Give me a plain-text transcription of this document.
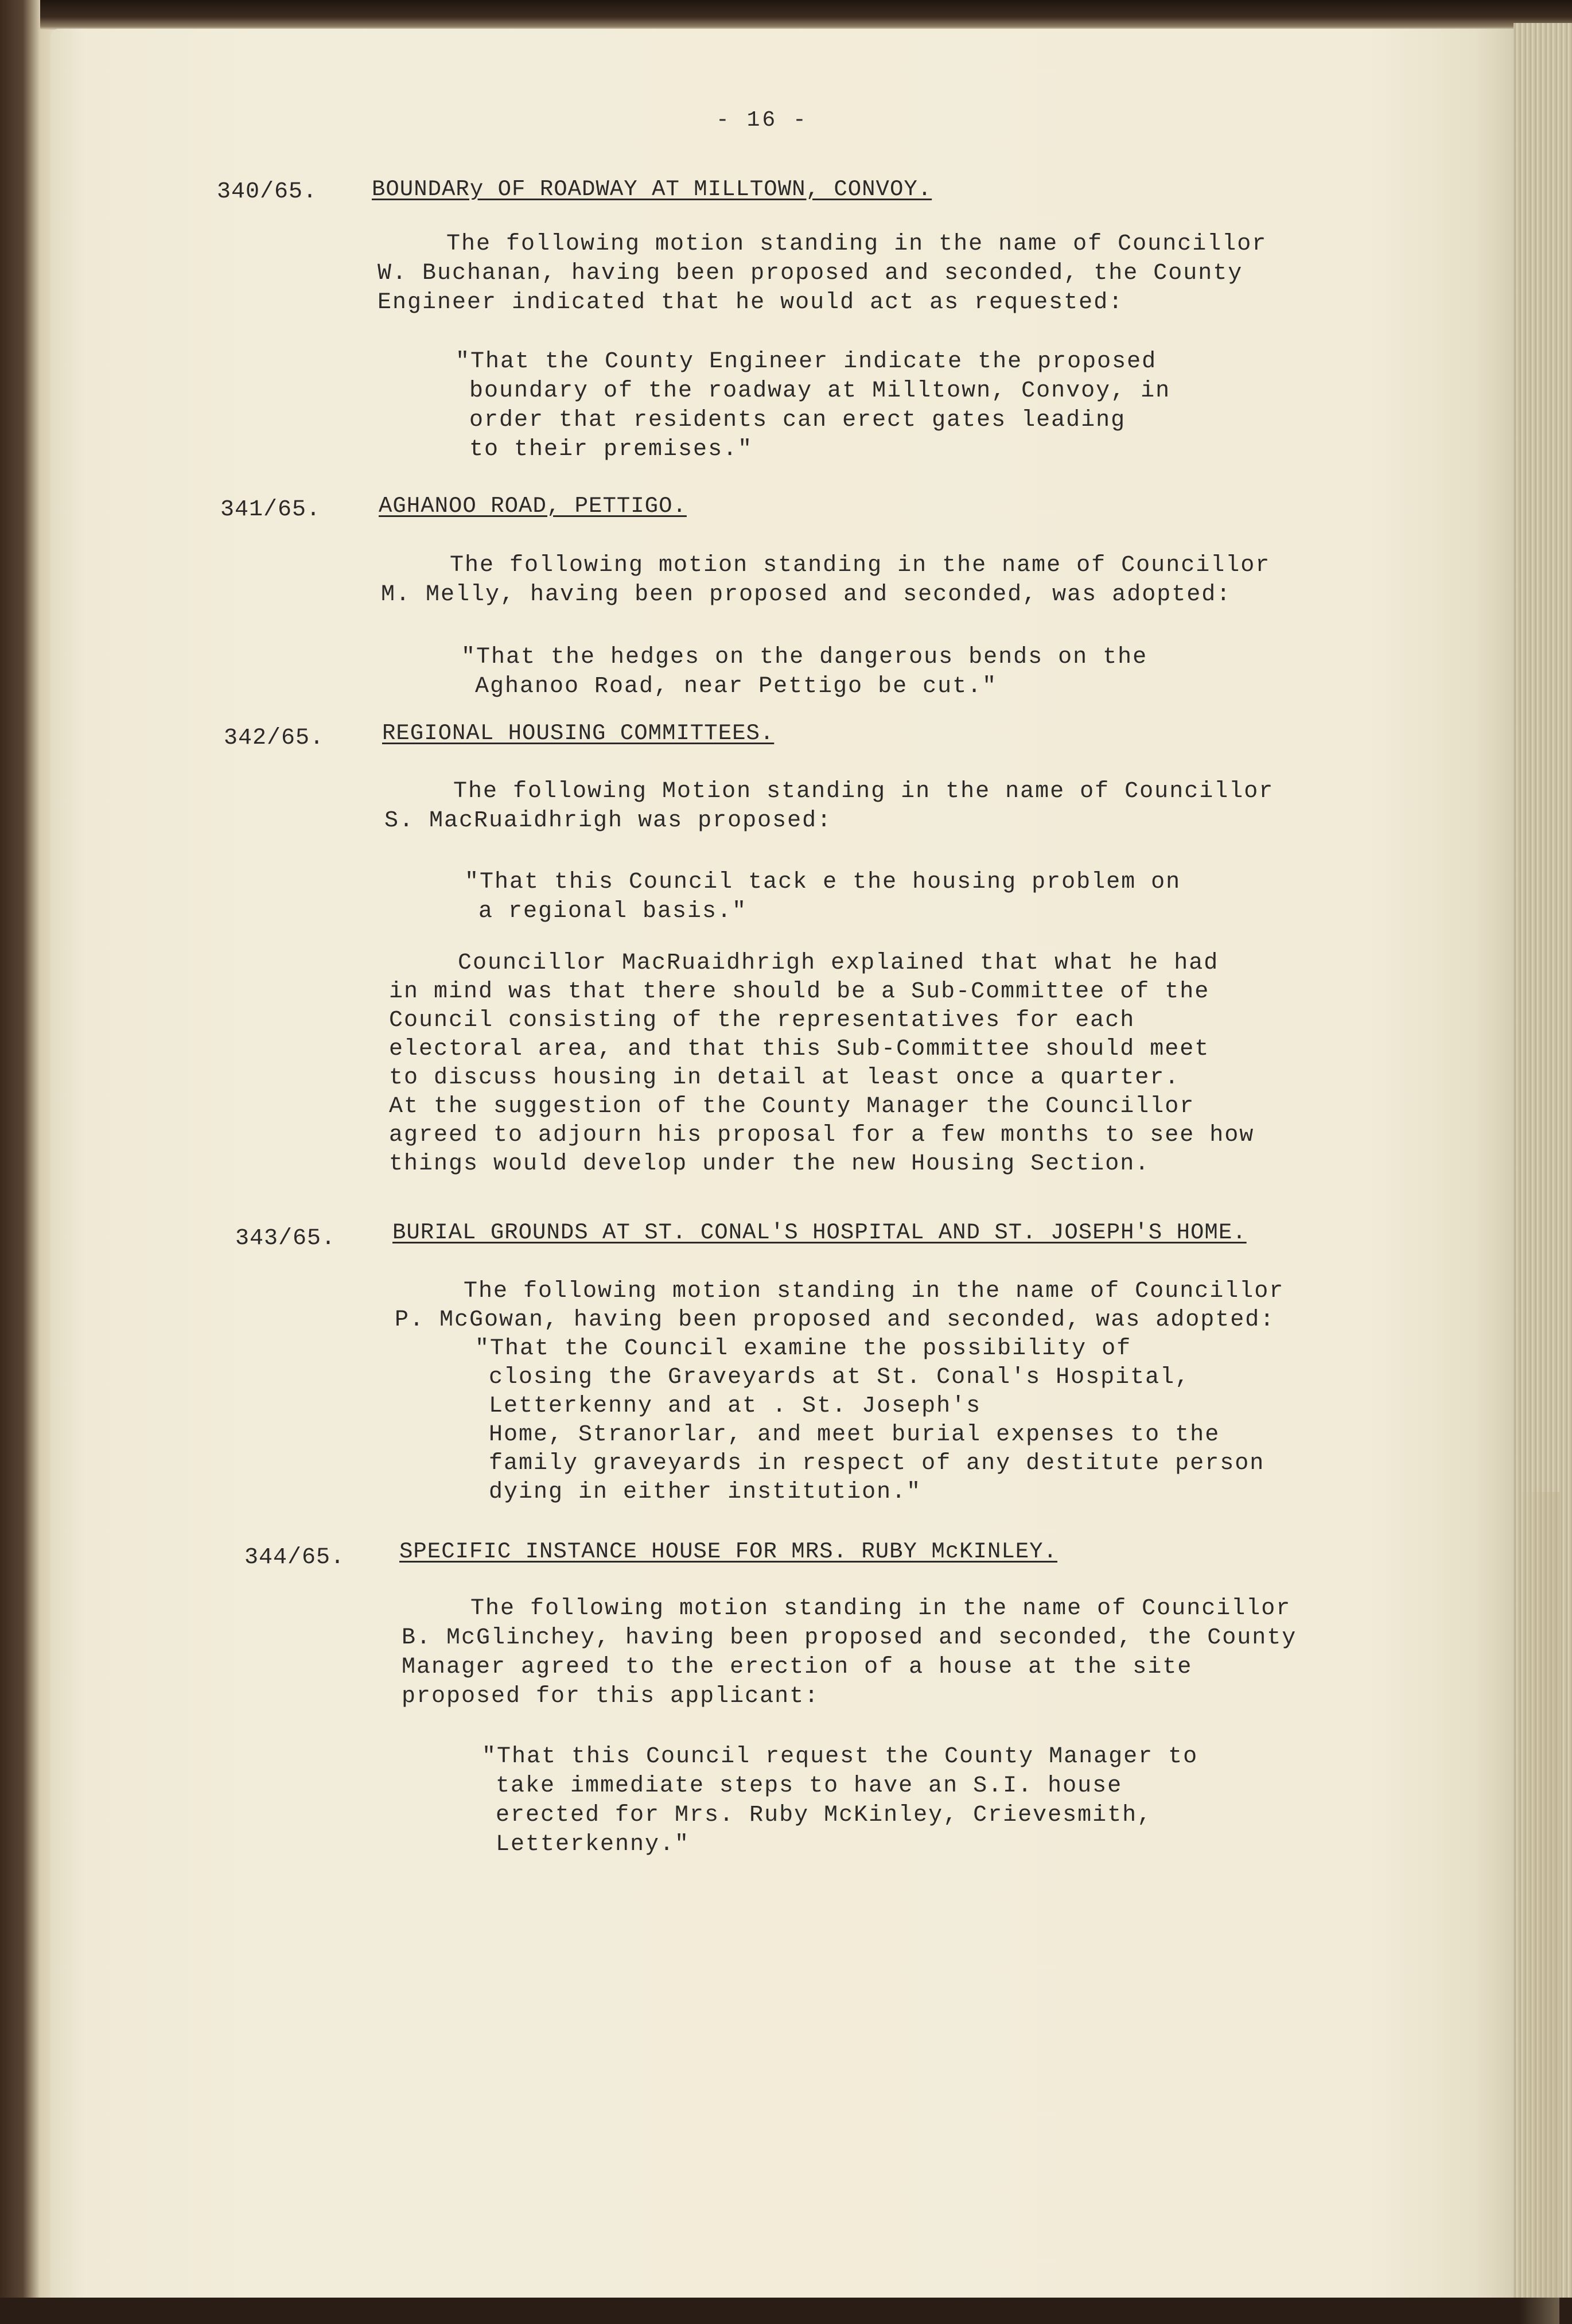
- 16 -
340/65. BOUNDARy OF ROADWAY AT MILLTOWN, CONVOY.
The following motion standing in the name of Councillor
W. Buchanan, having been proposed and seconded, the County
Engineer indicated that he would act as requested:
"That the County Engineer indicate the proposed
boundary of the roadway at Milltown, Convoy, in
order that residents can erect gates leading
to their premises."
341/65.	AGHANOO ROAD, PETTIGO.
The following motion standing in the name of Councillor
M. Melly, having been proposed and seconded, was adopted:
"That the hedges on the dangerous bends on the
Aghanoo Road, near Pettigo be cut."
342/65.	REGIONAL HOUSING COMMITTEES.
The following Motion standing in the name of Councillor
S. MacRuaidhrigh was proposed:
"That this Council tack e the housing problem on
a regional basis."
Councillor MacRuaidhrigh explained that what he had
in mind was that there should be a Sub-Committee of the
Council consisting of the representatives for each
electoral area, and that this Sub-Committee should meet
to discuss housing in detail at least once a quarter.
At the suggestion of the County Manager the Councillor
agreed to adjourn his proposal for a few months to see how
things would develop under the new Housing Section.
343/65.	BURIAL GROUNDS AT ST. CONAL'S HOSPITAL AND ST. JOSEPH'S HOME.
The following motion standing in the name of Councillor
P. McGowan, having been proposed and seconded, was adopted:
"That the Council examine the possibility of
closing the Graveyards at St. Conal's Hospital,
Letterkenny and at . St. Joseph's
Home, Stranorlar, and meet burial expenses to the
family graveyards in respect of any destitute person
dying in either institution."
344/65. SPECIFIC INSTANCE HOUSE FOR MRS. RUBY McKINLEY.
The following motion standing in the name of Councillor
B. McGlinchey, having been proposed and seconded, the County
Manager agreed to the erection of a house at the site
proposed for this applicant:
"That this Council request the County Manager to
take immediate steps to have an S.I. house
erected for Mrs. Ruby McKinley, Crievesmith,
Letterkenny."
